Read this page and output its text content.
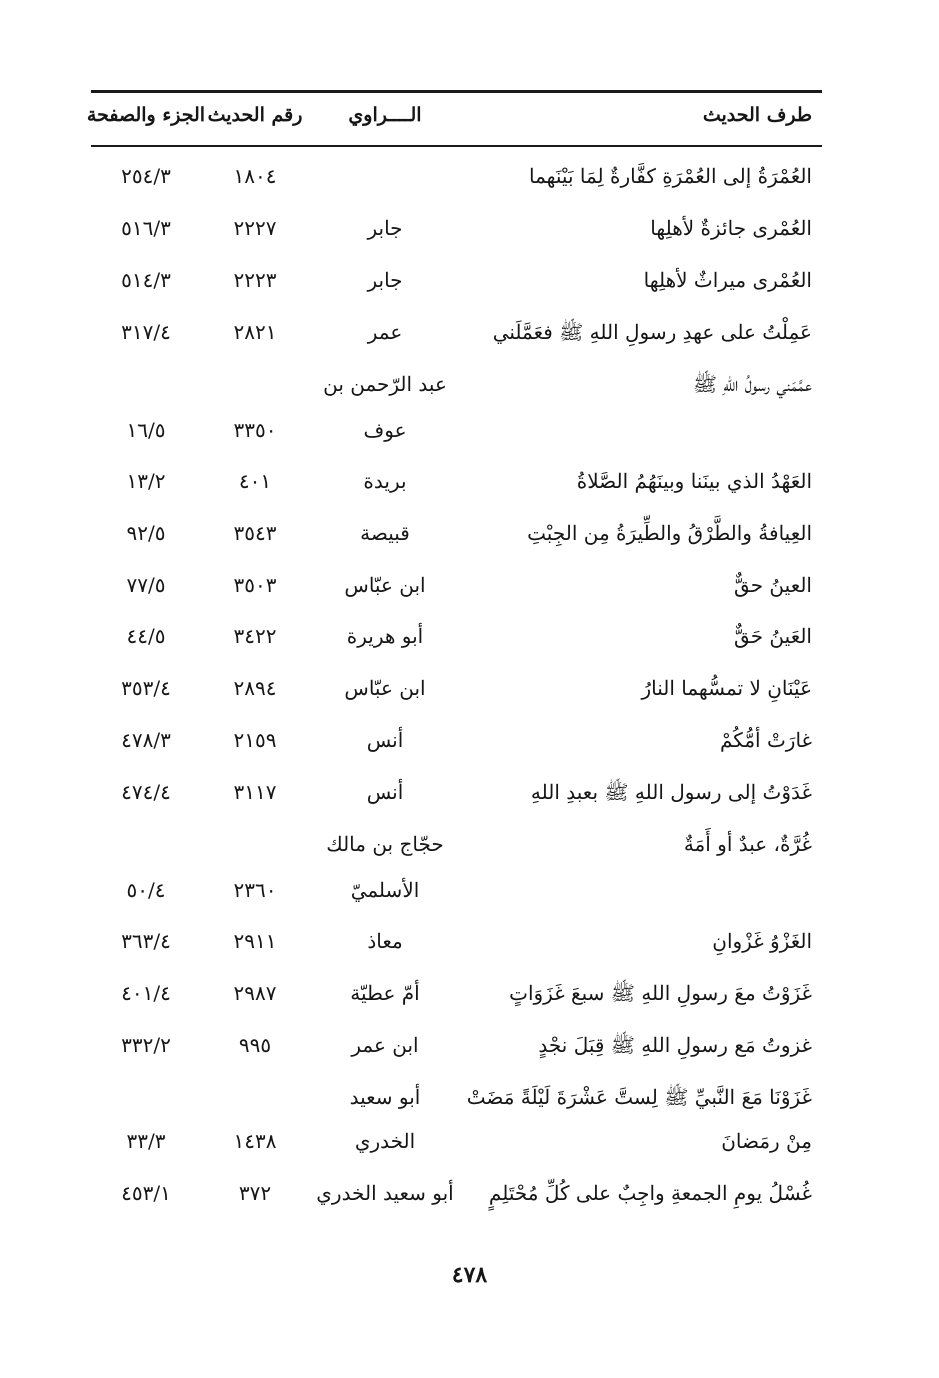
طرف الحديث
الــــراوي
رقم الحديث
الجزء والصفحة
العُمْرَةُ إلى العُمْرَةِ كفَّارةٌ لِمَا بَيْنَهما
١٨٠٤
٢٥٤/٣
العُمْرى جائزةٌ لأهلِها
جابر
٢٢٢٧
٥١٦/٣
العُمْرى ميراثٌ لأهلِها
جابر
٢٢٢٣
٥١٤/٣
عَمِلْتُ على عهدِ رسولِ اللهِ ﷺ فعَمَّلَني
عمر
٢٨٢١
٣١٧/٤
عمَّمَني رسولُ اللهِ ﷺ
عبد الرّحمن بن
عوف
٣٣٥٠
١٦/٥
العَهْدُ الذي بينَنا وبينَهُمُ الصَّلاةُ
بريدة
٤٠١
١٣/٢
العِيافةُ والطَّرْقُ والطِّيرَةُ مِن الجِبْتِ
قبيصة
٣٥٤٣
٩٢/٥
العينُ حقٌّ
ابن عبّاس
٣٥٠٣
٧٧/٥
العَينُ حَقٌّ
أبو هريرة
٣٤٢٢
٤٤/٥
عَيْنَانِ لا تمسُّهما النارُ
ابن عبّاس
٢٨٩٤
٣٥٣/٤
غارَتْ أمُّكُمْ
أنس
٢١٥٩
٤٧٨/٣
غَدَوْتُ إلى رسول اللهِ ﷺ بعبدِ اللهِ
أنس
٣١١٧
٤٧٤/٤
غُرَّةٌ، عبدٌ أو أَمَةٌ
حجّاج بن مالك
الأسلميّ
٢٣٦٠
٥٠/٤
الغَزْوُ غَزْوانِ
معاذ
٢٩١١
٣٦٣/٤
غَزَوْتُ معَ رسولِ اللهِ ﷺ سبعَ غَزَوَاتٍ
أمّ عطيّة
٢٩٨٧
٤٠١/٤
غزوتُ مَع رسولِ اللهِ ﷺ قِبَلَ نجْدٍ
ابن عمر
٩٩٥
٣٣٢/٢
غَزَوْنَا مَعَ النَّبيِّ ﷺ لِستَّ عَشْرَةَ لَيْلَةً مَضَتْ
أبو سعيد
مِنْ رمَضانَ
الخدري
١٤٣٨
٣٣/٣
غُسْلُ يومِ الجمعةِ واجِبٌ على كُلِّ مُحْتَلِمٍ
أبو سعيد الخدري
٣٧٢
٤٥٣/١
٤٧٨
